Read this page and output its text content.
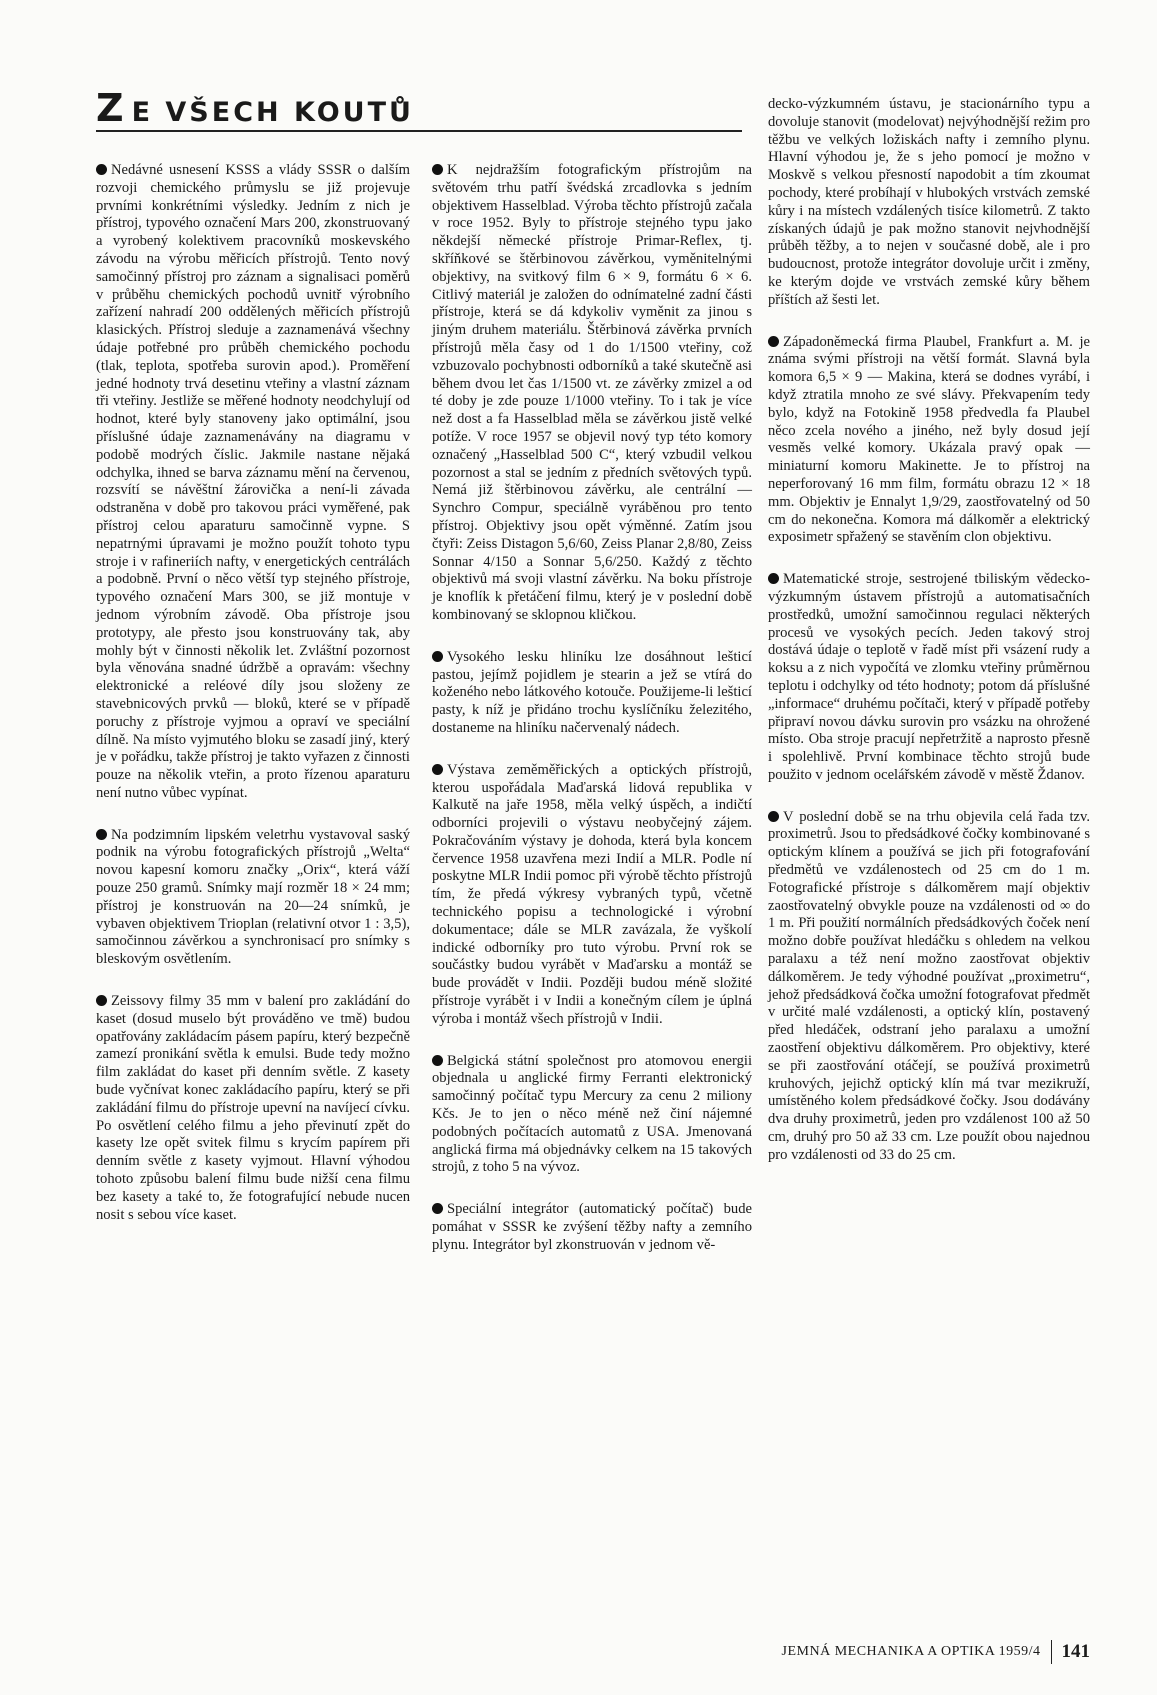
Z E VŠECH KOUTŮ

Nedávné usnesení KSSS a vlády SSSR o dalším rozvoji chemického průmyslu se již projevuje prvními konkrétními výsledky. Jedním z nich je přístroj, typového označení Mars 200, zkonstruovaný a vyrobený kolektivem pracovníků moskevského závodu na výrobu měřicích přístrojů. Tento nový samočinný přístroj pro záznam a signalisaci poměrů v průběhu chemických pochodů uvnitř výrobního zařízení nahradí 200 oddělených měřicích přístrojů klasických. Přístroj sleduje a zaznamenává všechny údaje potřebné pro průběh chemického pochodu (tlak, teplota, spotřeba surovin apod.). Proměření jedné hodnoty trvá desetinu vteřiny a vlastní záznam tři vteřiny. Jestliže se měřené hodnoty neodchylují od hodnot, které byly stanoveny jako optimální, jsou příslušné údaje zaznamenávány na diagramu v podobě modrých číslic. Jakmile nastane nějaká odchylka, ihned se barva záznamu mění na červenou, rozsvítí se návěštní žárovička a není-li závada odstraněna v době pro takovou práci vyměřené, pak přístroj celou aparaturu samočinně vypne. S nepatrnými úpravami je možno použít tohoto typu stroje i v rafineriích nafty, v energetických centrálách a podobně. První o něco větší typ stejného přístroje, typového označení Mars 300, se již montuje v jednom výrobním závodě. Oba přístroje jsou prototypy, ale přesto jsou konstruovány tak, aby mohly být v činnosti několik let. Zvláštní pozornost byla věnována snadné údržbě a opravám: všechny elektronické a reléové díly jsou složeny ze stavebnicových prvků — bloků, které se v případě poruchy z přístroje vyjmou a opraví ve speciální dílně. Na místo vyjmutého bloku se zasadí jiný, který je v pořádku, takže přístroj je takto vyřazen z činnosti pouze na několik vteřin, a proto řízenou aparaturu není nutno vůbec vypínat.

Na podzimním lipském veletrhu vystavoval saský podnik na výrobu fotografických přístrojů „Welta“ novou kapesní komoru značky „Orix“, která váží pouze 250 gramů. Snímky mají rozměr 18 × 24 mm; přístroj je konstruován na 20—24 snímků, je vybaven objektivem Trioplan (relativní otvor 1 : 3,5), samočinnou závěrkou a synchronisací pro snímky s bleskovým osvětlením.

Zeissovy filmy 35 mm v balení pro zakládání do kaset (dosud muselo být prováděno ve tmě) budou opatřovány zakládacím pásem papíru, který bezpečně zamezí pronikání světla k emulsi. Bude tedy možno film zakládat do kaset při denním světle. Z kasety bude vyčnívat konec zakládacího papíru, který se při zakládání filmu do přístroje upevní na navíjecí cívku. Po osvětlení celého filmu a jeho převinutí zpět do kasety lze opět svitek filmu s krycím papírem při denním světle z kasety vyjmout. Hlavní výhodou tohoto způsobu balení filmu bude nižší cena filmu bez kasety a také to, že fotografující nebude nucen nosit s sebou více kaset.

K nejdražším fotografickým přístrojům na světovém trhu patří švédská zrcadlovka s jedním objektivem Hasselblad. Výroba těchto přístrojů začala v roce 1952. Byly to přístroje stejného typu jako někdejší německé přístroje Primar-Reflex, tj. skříňkové se štěrbinovou závěrkou, vyměnitelnými objektivy, na svitkový film 6 × 9, formátu 6 × 6. Citlivý materiál je založen do odnímatelné zadní části přístroje, která se dá kdykoliv vyměnit za jinou s jiným druhem materiálu. Štěrbinová závěrka prvních přístrojů měla časy od 1 do 1/1500 vteřiny, což vzbuzovalo pochybnosti odborníků a také skutečně asi během dvou let čas 1/1500 vt. ze závěrky zmizel a od té doby je zde pouze 1/1000 vteřiny. To i tak je více než dost a fa Hasselblad měla se závěrkou jistě velké potíže. V roce 1957 se objevil nový typ této komory označený „Hasselblad 500 C“, který vzbudil velkou pozornost a stal se jedním z předních světových typů. Nemá již štěrbinovou závěrku, ale centrální — Synchro Compur, speciálně vyráběnou pro tento přístroj. Objektivy jsou opět výměnné. Zatím jsou čtyři: Zeiss Distagon 5,6/60, Zeiss Planar 2,8/80, Zeiss Sonnar 4/150 a Sonnar 5,6/250. Každý z těchto objektivů má svoji vlastní závěrku. Na boku přístroje je knoflík k přetáčení filmu, který je v poslední době kombinovaný se sklopnou kličkou.

Vysokého lesku hliníku lze dosáhnout lešticí pastou, jejímž pojidlem je stearin a jež se vtírá do koženého nebo látkového kotouče. Použijeme-li lešticí pasty, k níž je přidáno trochu kyslíčníku železitého, dostaneme na hliníku načervenalý nádech.

Výstava zeměměřických a optických přístrojů, kterou uspořádala Maďarská lidová republika v Kalkutě na jaře 1958, měla velký úspěch, a indičtí odborníci projevili o výstavu neobyčejný zájem. Pokračováním výstavy je dohoda, která byla koncem července 1958 uzavřena mezi Indií a MLR. Podle ní poskytne MLR Indii pomoc při výrobě těchto přístrojů tím, že předá výkresy vybraných typů, včetně technického popisu a technologické i výrobní dokumentace; dále se MLR zavázala, že vyškolí indické odborníky pro tuto výrobu. První rok se součástky budou vyrábět v Maďarsku a montáž se bude provádět v Indii. Později budou méně složité přístroje vyrábět i v Indii a konečným cílem je úplná výroba i montáž všech přístrojů v Indii.

Belgická státní společnost pro atomovou energii objednala u anglické firmy Ferranti elektronický samočinný počítač typu Mercury za cenu 2 miliony Kčs. Je to jen o něco méně než činí nájemné podobných počítacích automatů z USA. Jmenovaná anglická firma má objednávky celkem na 15 takových strojů, z toho 5 na vývoz.

Speciální integrátor (automatický počítač) bude pomáhat v SSSR ke zvýšení těžby nafty a zemního plynu. Integrátor byl zkonstruován v jednom vě-

decko-výzkumném ústavu, je stacionárního typu a dovoluje stanovit (modelovat) nejvýhodnější režim pro těžbu ve velkých ložiskách nafty i zemního plynu. Hlavní výhodou je, že s jeho pomocí je možno v Moskvě s velkou přesností napodobit a tím zkoumat pochody, které probíhají v hlubokých vrstvách zemské kůry i na místech vzdálených tisíce kilometrů. Z takto získaných údajů je pak možno stanovit nejvhodnější průběh těžby, a to nejen v současné době, ale i pro budoucnost, protože integrátor dovoluje určit i změny, ke kterým dojde ve vrstvách zemské kůry během příštích až šesti let.

Západoněmecká firma Plaubel, Frankfurt a. M. je známa svými přístroji na větší formát. Slavná byla komora 6,5 × 9 — Makina, která se dodnes vyrábí, i když ztratila mnoho ze své slávy. Překvapením tedy bylo, když na Fotokině 1958 předvedla fa Plaubel něco zcela nového a jiného, než byly dosud její vesměs velké komory. Ukázala pravý opak — miniaturní komoru Makinette. Je to přístroj na neperforovaný 16 mm film, formátu obrazu 12 × 18 mm. Objektiv je Ennalyt 1,9/29, zaostřovatelný od 50 cm do nekonečna. Komora má dálkoměr a elektrický exposimetr spřažený se stavěním clon objektivu.

Matematické stroje, sestrojené tbiliským vědecko-výzkumným ústavem přístrojů a automatisačních prostředků, umožní samočinnou regulaci některých procesů ve vysokých pecích. Jeden takový stroj dostává údaje o teplotě v řadě míst při vsázení rudy a koksu a z nich vypočítá ve zlomku vteřiny průměrnou teplotu i odchylky od této hodnoty; potom dá příslušné „informace“ druhému počítači, který v případě potřeby připraví novou dávku surovin pro vsázku na ohrožené místo. Oba stroje pracují nepřetržitě a naprosto přesně i spolehlivě. První kombinace těchto strojů bude použito v jednom ocelářském závodě v městě Ždanov.

V poslední době se na trhu objevila celá řada tzv. proximetrů. Jsou to předsádkové čočky kombinované s optickým klínem a používá se jich při fotografování předmětů ve vzdálenostech od 25 cm do 1 m. Fotografické přístroje s dálkoměrem mají objektiv zaostřovatelný obvykle pouze na vzdálenosti od ∞ do 1 m. Při použití normálních předsádkových čoček není možno dobře používat hledáčku s ohledem na velkou paralaxu a též není možno zaostřovat objektiv dálkoměrem. Je tedy výhodné používat „proximetru“, jehož předsádková čočka umožní fotografovat předmět v určité malé vzdálenosti, a optický klín, postavený před hledáček, odstraní jeho paralaxu a umožní zaostření objektivu dálkoměrem. Pro objektivy, které se při zaostřování otáčejí, se používá proximetrů kruhových, jejichž optický klín má tvar mezikruží, umístěného kolem předsádkové čočky. Jsou dodávány dva druhy proximetrů, jeden pro vzdálenost 100 až 50 cm, druhý pro 50 až 33 cm. Lze použít obou najednou pro vzdálenosti od 33 do 25 cm.

JEMNÁ MECHANIKA A OPTIKA 1959/4 141
